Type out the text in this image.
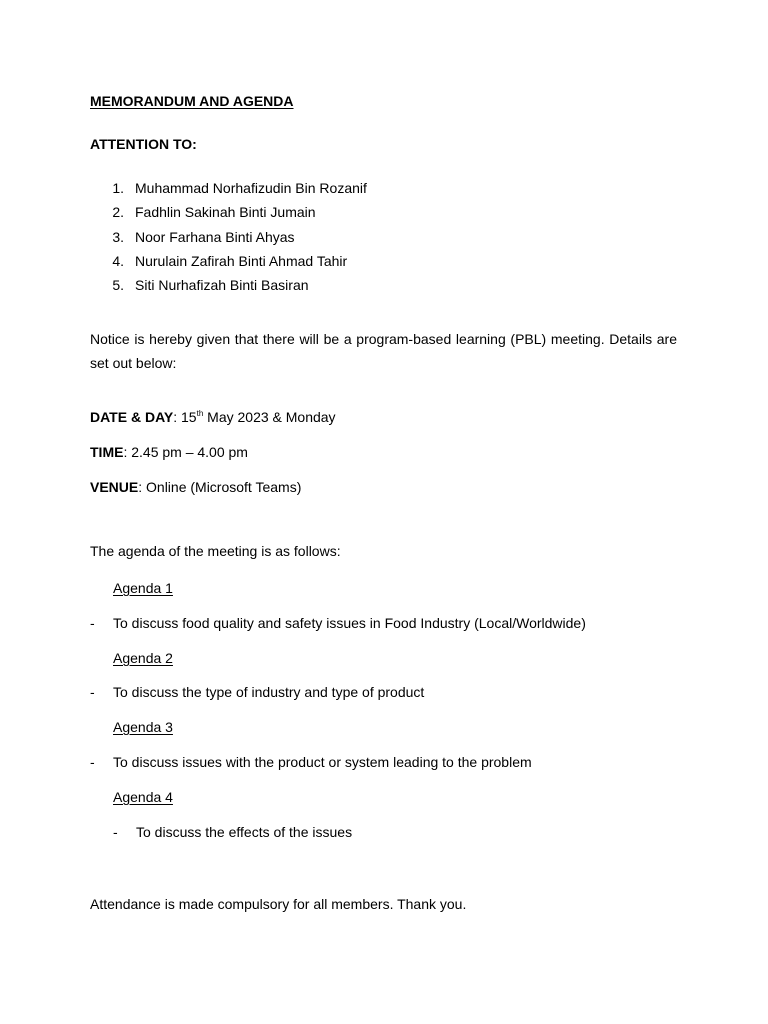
MEMORANDUM AND AGENDA
ATTENTION TO:
1. Muhammad Norhafizudin Bin Rozanif
2. Fadhlin Sakinah Binti Jumain
3. Noor Farhana Binti Ahyas
4. Nurulain Zafirah Binti Ahmad Tahir
5. Siti Nurhafizah Binti Basiran
Notice is hereby given that there will be a program-based learning (PBL) meeting. Details are
set out below:
DATE & DAY: 15th May 2023 & Monday
TIME: 2.45 pm – 4.00 pm
VENUE: Online (Microsoft Teams)
The agenda of the meeting is as follows:
Agenda 1
- To discuss food quality and safety issues in Food Industry (Local/Worldwide)
Agenda 2
- To discuss the type of industry and type of product
Agenda 3
- To discuss issues with the product or system leading to the problem
Agenda 4
- To discuss the effects of the issues
Attendance is made compulsory for all members. Thank you.
